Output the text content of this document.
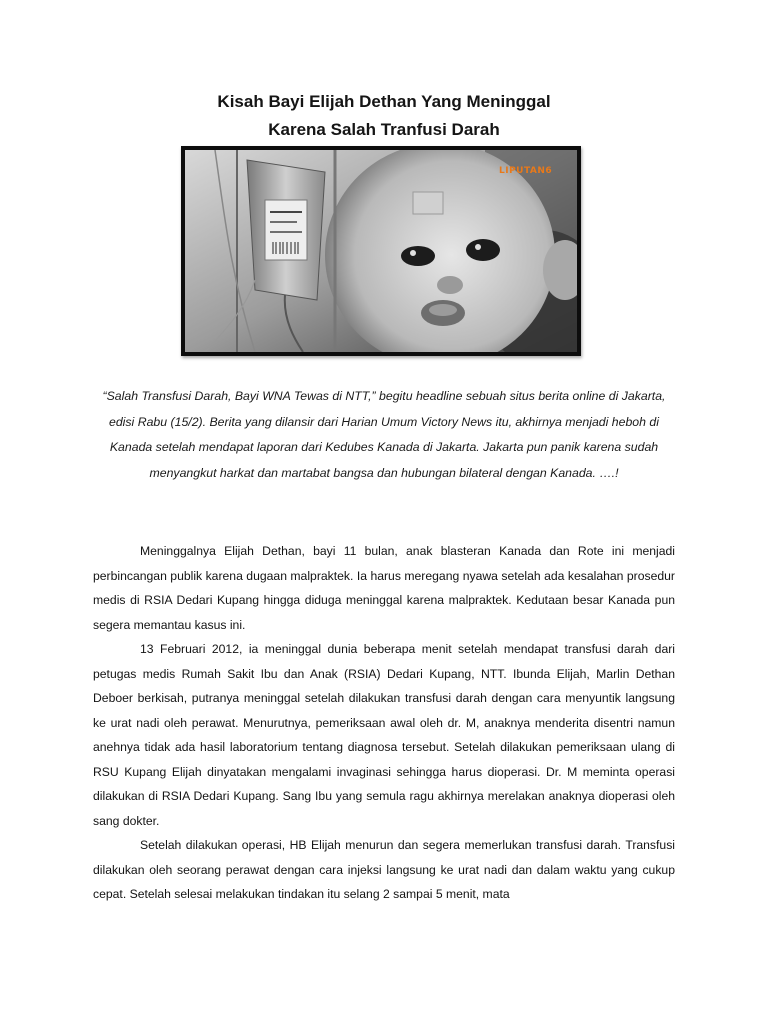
Kisah Bayi Elijah Dethan Yang Meninggal
Karena Salah Tranfusi Darah
LIPUTAN6

“Salah Transfusi Darah, Bayi WNA Tewas di NTT,” begitu headline sebuah situs berita online di Jakarta, edisi Rabu (15/2). Berita yang dilansir dari Harian Umum Victory News itu, akhirnya menjadi heboh di Kanada setelah mendapat laporan dari Kedubes Kanada di Jakarta. Jakarta pun panik karena sudah menyangkut harkat dan martabat bangsa dan hubungan bilateral dengan Kanada. ….!

Meninggalnya Elijah Dethan, bayi 11 bulan, anak blasteran Kanada dan Rote ini menjadi perbincangan publik karena dugaan malpraktek. Ia harus meregang nyawa setelah ada kesalahan prosedur medis di RSIA Dedari Kupang hingga diduga meninggal karena malpraktek. Kedutaan besar Kanada pun segera memantau kasus ini.

13 Februari 2012, ia meninggal dunia beberapa menit setelah mendapat transfusi darah dari petugas medis Rumah Sakit Ibu dan Anak (RSIA) Dedari Kupang, NTT. Ibunda Elijah, Marlin Dethan Deboer berkisah, putranya meninggal setelah dilakukan transfusi darah dengan cara menyuntik langsung ke urat nadi oleh perawat. Menurutnya, pemeriksaan awal oleh dr. M, anaknya menderita disentri namun anehnya tidak ada hasil laboratorium tentang diagnosa tersebut. Setelah dilakukan pemeriksaan ulang di RSU Kupang Elijah dinyatakan mengalami invaginasi sehingga harus dioperasi. Dr. M meminta operasi dilakukan di RSIA Dedari Kupang. Sang Ibu yang semula ragu akhirnya merelakan anaknya dioperasi oleh sang dokter.

Setelah dilakukan operasi, HB Elijah menurun dan segera memerlukan transfusi darah. Transfusi dilakukan oleh seorang perawat dengan cara injeksi langsung ke urat nadi dan dalam waktu yang cukup cepat. Setelah selesai melakukan tindakan itu selang 2 sampai 5 menit, mata
